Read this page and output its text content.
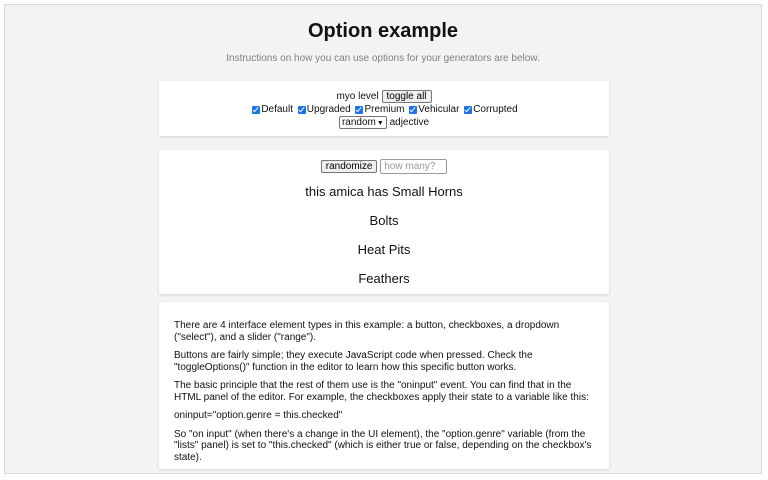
Option example
Instructions on how you can use options for your generators are below.
myo level toggle all
Default Upgraded Premium Vehicular Corrupted
random▼ adjective
randomize how many?
this amica has Small Horns
Bolts
Heat Pits
Feathers

There are 4 interface element types in this example: a button, checkboxes, a dropdown ("select"), and a slider ("range").

Buttons are fairly simple; they execute JavaScript code when pressed. Check the "toggleOptions()" function in the editor to learn how this specific button works.

The basic principle that the rest of them use is the "oninput" event. You can find that in the HTML panel of the editor. For example, the checkboxes apply their state to a variable like this:

oninput="option.genre = this.checked"

So "on input" (when there's a change in the UI element), the "option.genre" variable (from the "lists" panel) is set to "this.checked" (which is either true or false, depending on the checkbox's state).
